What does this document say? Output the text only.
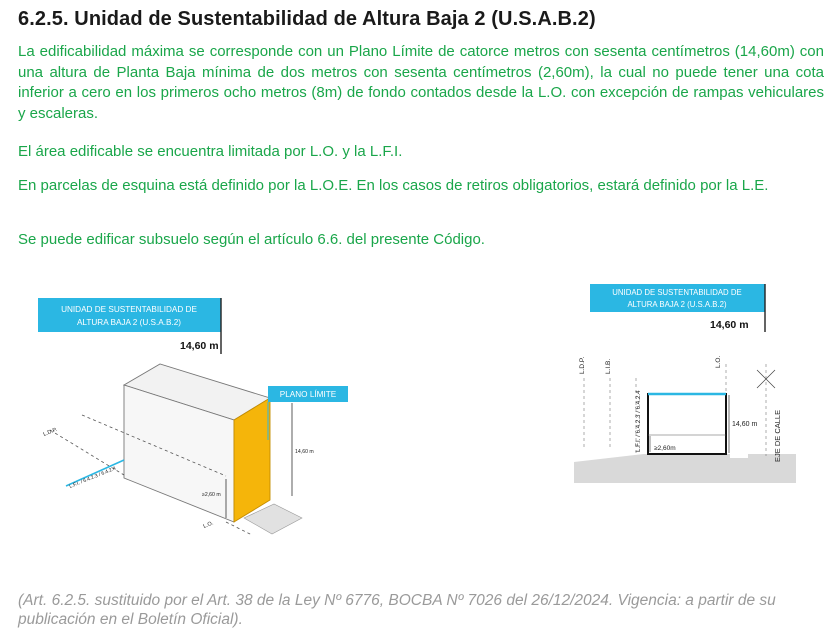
6.2.5. Unidad de Sustentabilidad de Altura Baja 2 (U.S.A.B.2)

La edificabilidad máxima se corresponde con un Plano Límite de catorce metros con sesenta centímetros (14,60m) con una altura de Planta Baja mínima de dos metros con sesenta centímetros (2,60m), la cual no puede tener una cota inferior a cero en los primeros ocho metros (8m) de fondo contados desde la L.O. con excepción de rampas vehiculares y escaleras.

El área edificable se encuentra limitada por L.O. y la L.F.I.

En parcelas de esquina está definido por la L.O.E. En los casos de retiros obligatorios, estará definido por la L.E.

Se puede edificar subsuelo según el artículo 6.6. del presente Código.

UNIDAD DE SUSTENTABILIDAD DE
ALTURA BAJA 2 (U.S.A.B.2)
14,60 m
PLANO LÍMITE
14,60 m
≥2,60 m
L.D.P.
L.F.I. / 6.4.2.3 / 6.4.2.4
L.O.
UNIDAD DE SUSTENTABILIDAD DE
ALTURA BAJA 2 (U.S.A.B.2)
14,60 m
L.D.P.	L.I.B.
L.F.I. / 6.4.2.3 / 6.4.2.4
L.O.
14,60 m
≥2,60m	EJE DE CALLE

(Art. 6.2.5. sustituido por el Art. 38 de la Ley Nº 6776, BOCBA Nº 7026 del 26/12/2024. Vigencia: a partir de su publicación en el Boletín Oficial).
